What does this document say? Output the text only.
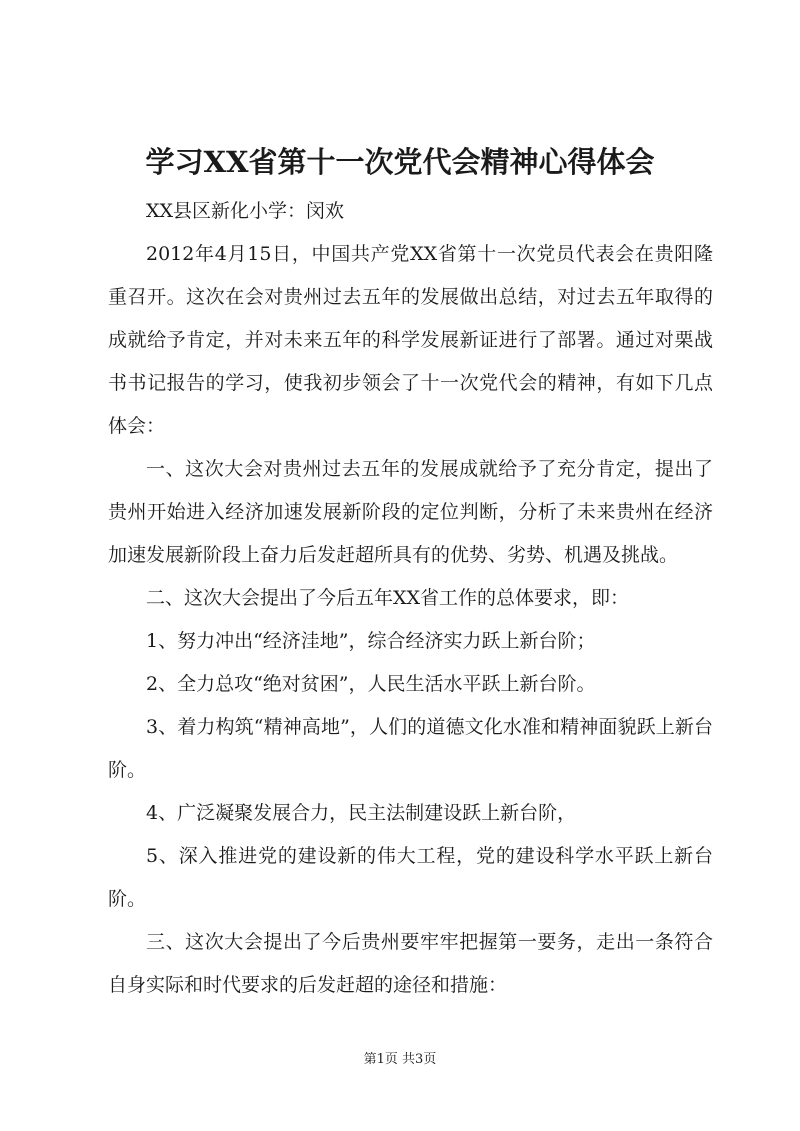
学习XX省第十一次党代会精神心得体会

XX县区新化小学：闵欢

2012年4月15日，中国共产党XX省第十一次党员代表会在贵阳隆重召开。这次在会对贵州过去五年的发展做出总结，对过去五年取得的成就给予肯定，并对未来五年的科学发展新证进行了部署。通过对栗战书书记报告的学习，使我初步领会了十一次党代会的精神，有如下几点体会：

一、这次大会对贵州过去五年的发展成就给予了充分肯定，提出了贵州开始进入经济加速发展新阶段的定位判断，分析了未来贵州在经济加速发展新阶段上奋力后发赶超所具有的优势、劣势、机遇及挑战。

二、这次大会提出了今后五年XX省工作的总体要求，即：

1、努力冲出“经济洼地”，综合经济实力跃上新台阶；

2、全力总攻“绝对贫困”，人民生活水平跃上新台阶。

3、着力构筑“精神高地”，人们的道德文化水准和精神面貌跃上新台阶。

4、广泛凝聚发展合力，民主法制建设跃上新台阶，

5、深入推进党的建设新的伟大工程，党的建设科学水平跃上新台阶。

三、这次大会提出了今后贵州要牢牢把握第一要务，走出一条符合自身实际和时代要求的后发赶超的途径和措施：

第1页 共3页
